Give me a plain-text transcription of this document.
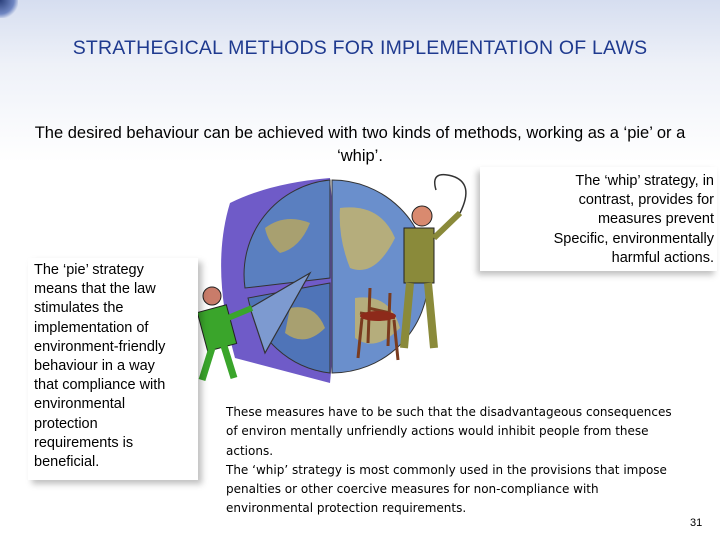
STRATHEGICAL METHODS FOR IMPLEMENTATION OF LAWS
The desired behaviour can be achieved with two kinds of methods, working as a ‘pie’ or a ‘whip’.
The ‘pie’ strategy
means that the law
stimulates the
implementation of
environment-friendly
behaviour in a way
that compliance with
environmental
protection
requirements is
beneficial.
The ‘whip’ strategy, in
contrast, provides for
measures prevent
Specific, environmentally
harmful actions.

These measures have to be such that the disadvantageous consequences
of environ mentally unfriendly actions would inhibit people from these
actions.

The ‘whip’ strategy is most commonly used in the provisions that impose
penalties or other coercive measures for non-compliance with
environmental protection requirements.

31
